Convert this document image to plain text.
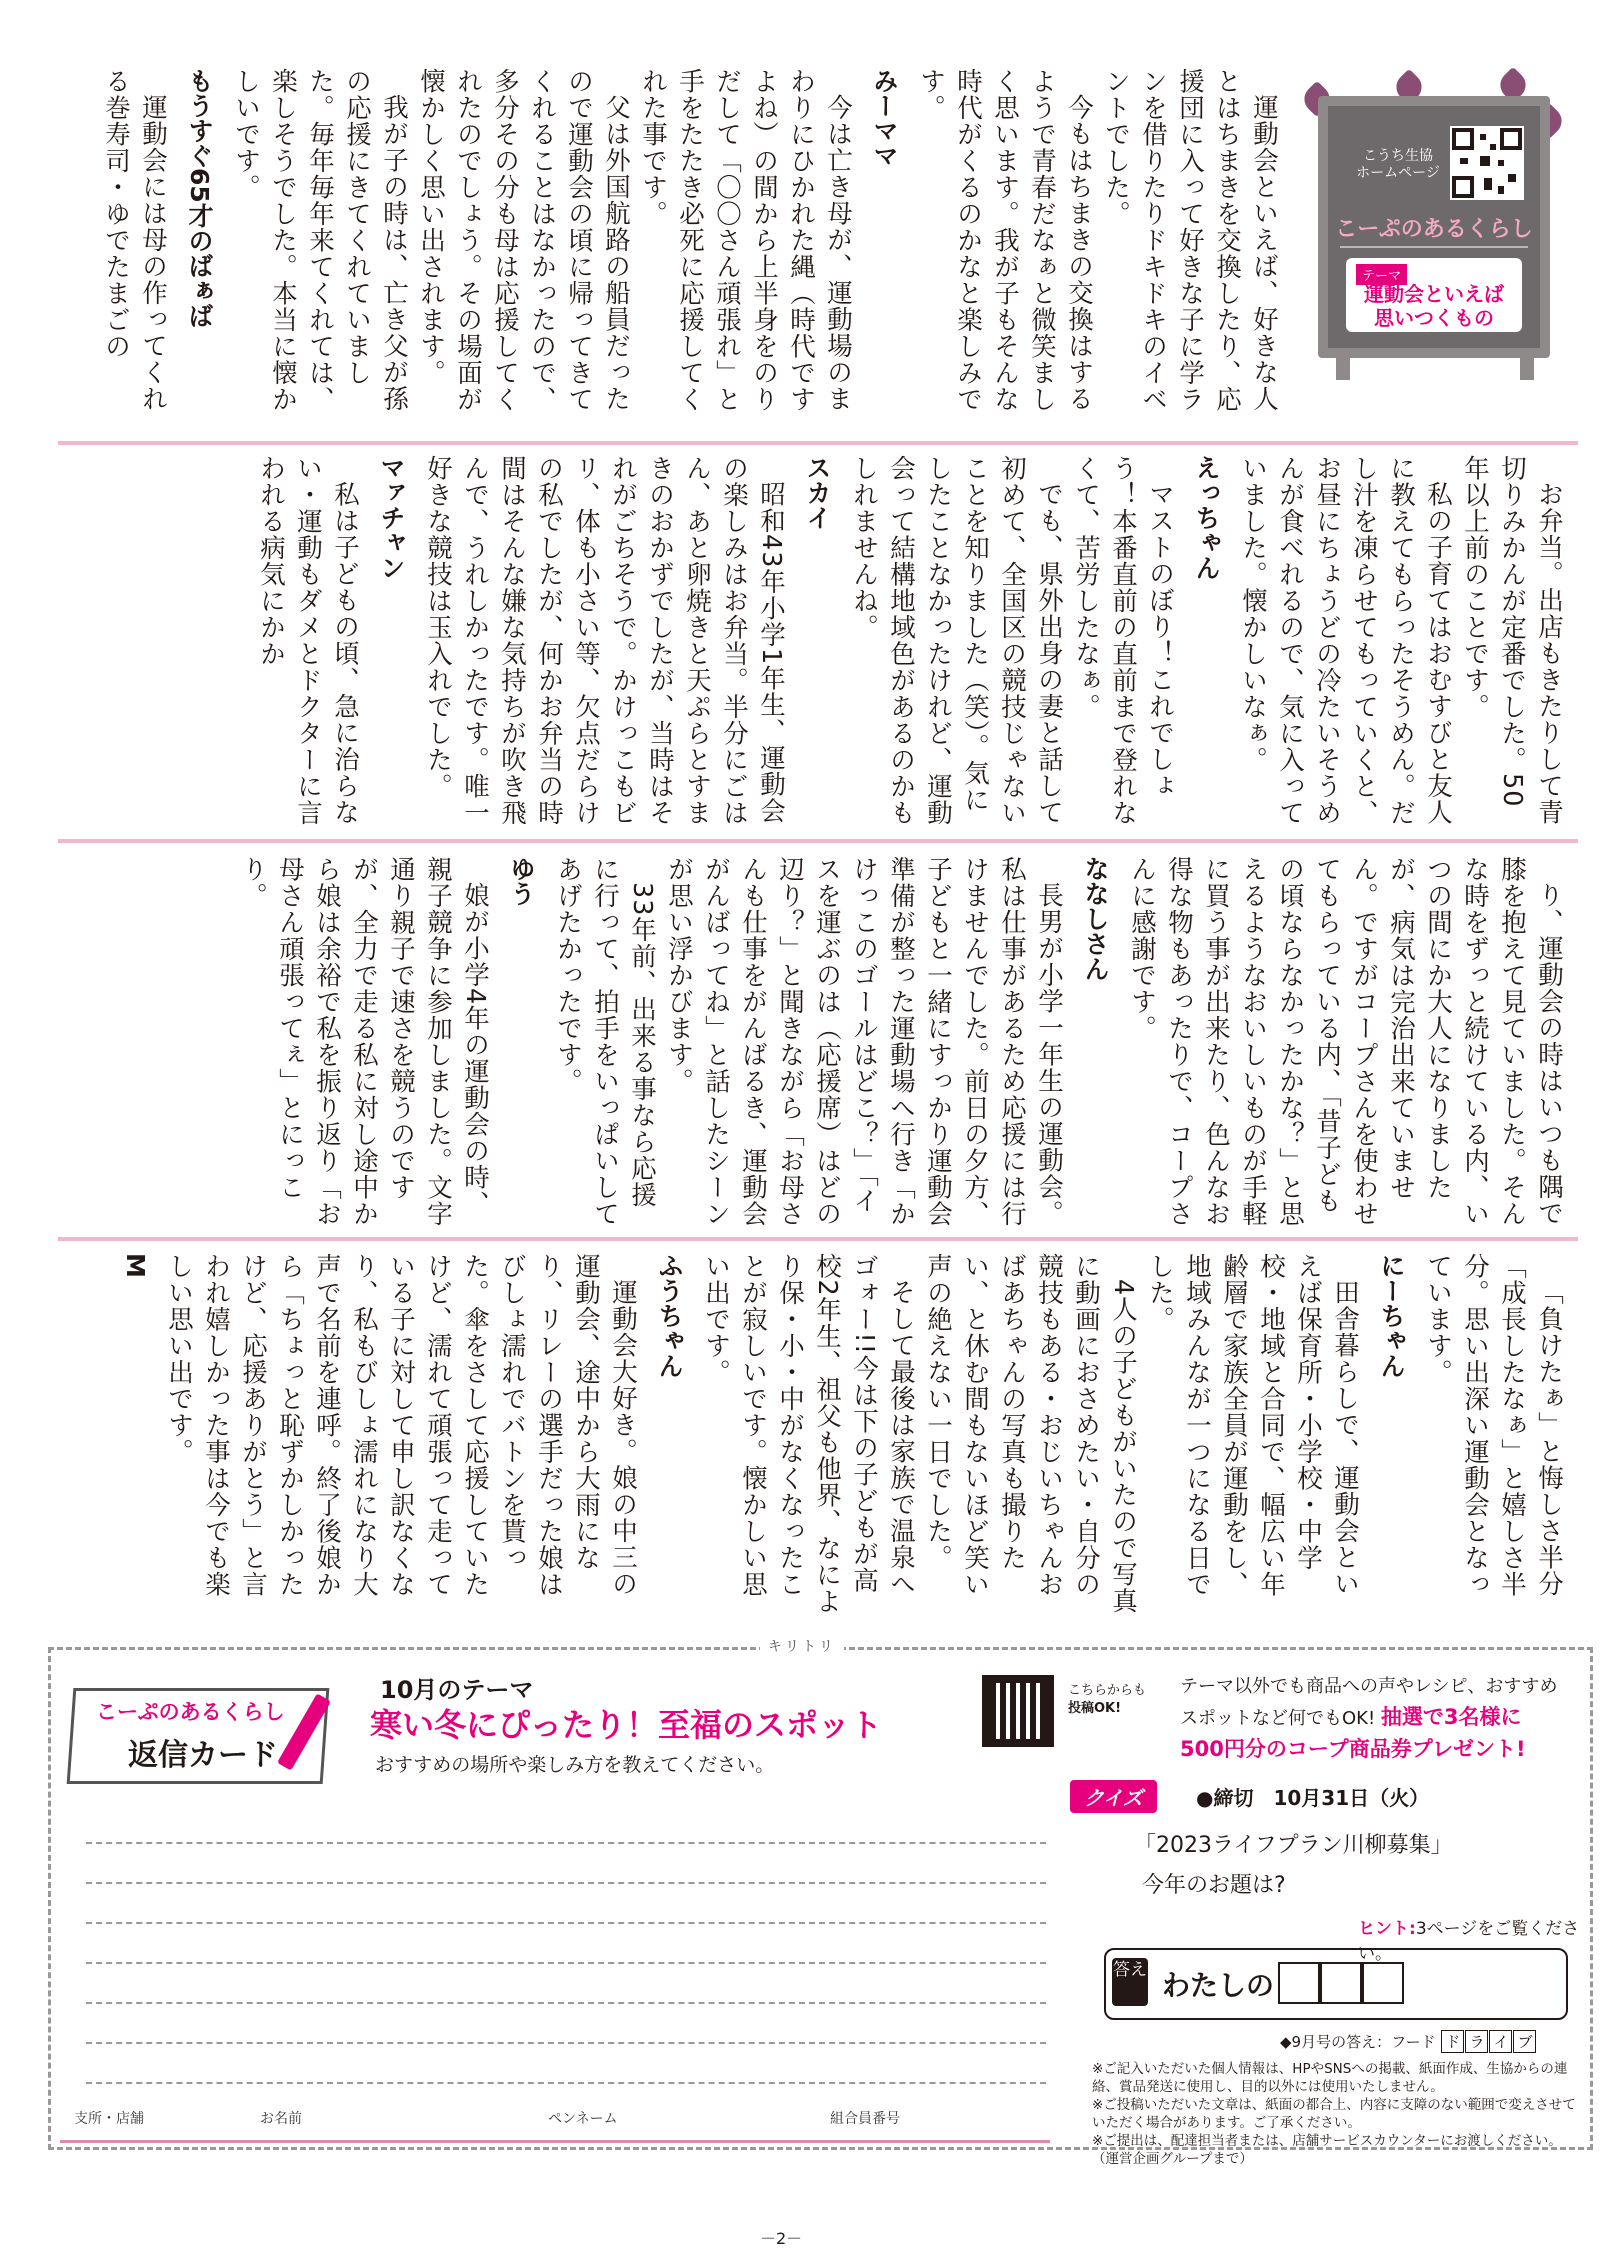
こうち生協
ホームページ
こーぷのあるくらし
テーマ
運動会といえば
思いつくもの

運動会といえば、好きな人とはちまきを交換したり、応援団に入って好きな子に学ランを借りたりドキドキのイベントでした。

今もはちまきの交換はするようで青春だなぁと微笑ましく思います。我が子もそんな時代がくるのかなと楽しみです。

みーママ

今は亡き母が、運動場のまわりにひかれた縄（時代ですよね）の間から上半身をのりだして「〇〇さん頑張れ」と手をたたき必死に応援してくれた事です。

父は外国航路の船員だったので運動会の頃に帰ってきてくれることはなかったので、多分その分も母は応援してくれたのでしょう。その場面が懐かしく思い出されます。

我が子の時は、亡き父が孫の応援にきてくれていました。毎年毎年来てくれては、楽しそうでした。本当に懐かしいです。

もうすぐ65才のばぁば

運動会には母の作ってくれる巻寿司・ゆでたまごの

お弁当。出店もきたりして青切りみかんが定番でした。50年以上前のことです。

私の子育てはおむすびと友人に教えてもらったそうめん。だし汁を凍らせてもっていくと、お昼にちょうどの冷たいそうめんが食べれるので、気に入っていました。懐かしいなぁ。

えっちゃん

マストのぼり！これでしょう！本番直前の直前まで登れなくて、苦労したなぁ。

でも、県外出身の妻と話して初めて、全国区の競技じゃないことを知りました（笑）。気にしたことなかったけれど、運動会って結構地域色があるのかもしれませんね。

スカイ

昭和43年小学1年生、運動会の楽しみはお弁当。半分にごはん、あと卵焼きと天ぷらとすまきのおかずでしたが、当時はそれがごちそうで。かけっこもビリ、体も小さい等、欠点だらけの私でしたが、何かお弁当の時間はそんな嫌な気持ちが吹き飛んで、うれしかったです。唯一好きな競技は玉入れでした。

マァチャン

私は子どもの頃、急に治らない・運動もダメとドクターに言われる病気にかか

り、運動会の時はいつも隅で膝を抱えて見ていました。そんな時をずっと続けている内、いつの間にか大人になりましたが、病気は完治出来ていません。ですがコープさんを使わせてもらっている内、「昔子どもの頃ならなかったかな？」と思えるようなおいしいものが手軽に買う事が出来たり、色んなお得な物もあったりで、コープさんに感謝です。

ななしさん

長男が小学一年生の運動会。私は仕事があるため応援には行けませんでした。前日の夕方、子どもと一緒にすっかり運動会準備が整った運動場へ行き「かけっこのゴールはどこ？」「イスを運ぶのは（応援席）はどの辺り？」と聞きながら「お母さんも仕事をがんばるき、運動会がんばってね」と話したシーンが思い浮かびます。

33年前、出来る事なら応援に行って、拍手をいっぱいしてあげたかったです。

ゆう

娘が小学4年の運動会の時、親子競争に参加しました。文字通り親子で速さを競うのですが、全力で走る私に対し途中から娘は余裕で私を振り返り「お母さん頑張ってぇ」とにっこり。

「負けたぁ」と悔しさ半分「成長したなぁ」と嬉しさ半分。思い出深い運動会となっています。

にーちゃん

田舎暮らしで、運動会といえば保育所・小学校・中学校・地域と合同で、幅広い年齢層で家族全員が運動をし、地域みんなが一つになる日でした。

4人の子どもがいたので写真に動画におさめたい・自分の競技もある・おじいちゃんおばあちゃんの写真も撮りたい、と休む間もないほど笑い声の絶えない一日でした。

そして最後は家族で温泉へゴォー!!今は下の子どもが高校2年生、祖父も他界、なにより保・小・中がなくなったことが寂しいです。懐かしい思い出です。

ふうちゃん

運動会大好き。娘の中三の運動会、途中から大雨になり、リレーの選手だった娘はびしょ濡れでバトンを貰った。傘をさして応援していたけど、濡れて頑張って走っている子に対して申し訳なくなり、私もびしょ濡れになり大声で名前を連呼。終了後娘から「ちょっと恥ずかしかったけど、応援ありがとう」と言われ嬉しかった事は今でも楽しい思い出です。

M
キリトリ
こーぷのあるくらし
返信カード
10月のテーマ
寒い冬にぴったり！至福のスポット
おすすめの場所や楽しみ方を教えてください。
支所・店舗	お名前	ペンネーム	組合員番号
こちらからも
投稿OK!
テーマ以外でも商品への声やレシピ、おすすめ
スポットなど何でもOK! 抽選で3名様に
500円分のコープ商品券プレゼント!
クイズ	●締切　10月31日（火）
「2023ライフプラン川柳募集」
今年のお題は?
ヒント:3ページをご覧ください。
答え わたしの
◆9月号の答え：フード ド ラ イ ブ

※ご記入いただいた個人情報は、HPやSNSへの掲載、紙面作成、生協からの連絡、賞品発送に使用し、目的以外には使用いたしません。

※ご投稿いただいた文章は、紙面の都合上、内容に支障のない範囲で変えさせていただく場合があります。ご了承ください。

※ご提出は、配達担当者または、店舗サービスカウンターにお渡しください。（運営企画グループまで）

－2－
